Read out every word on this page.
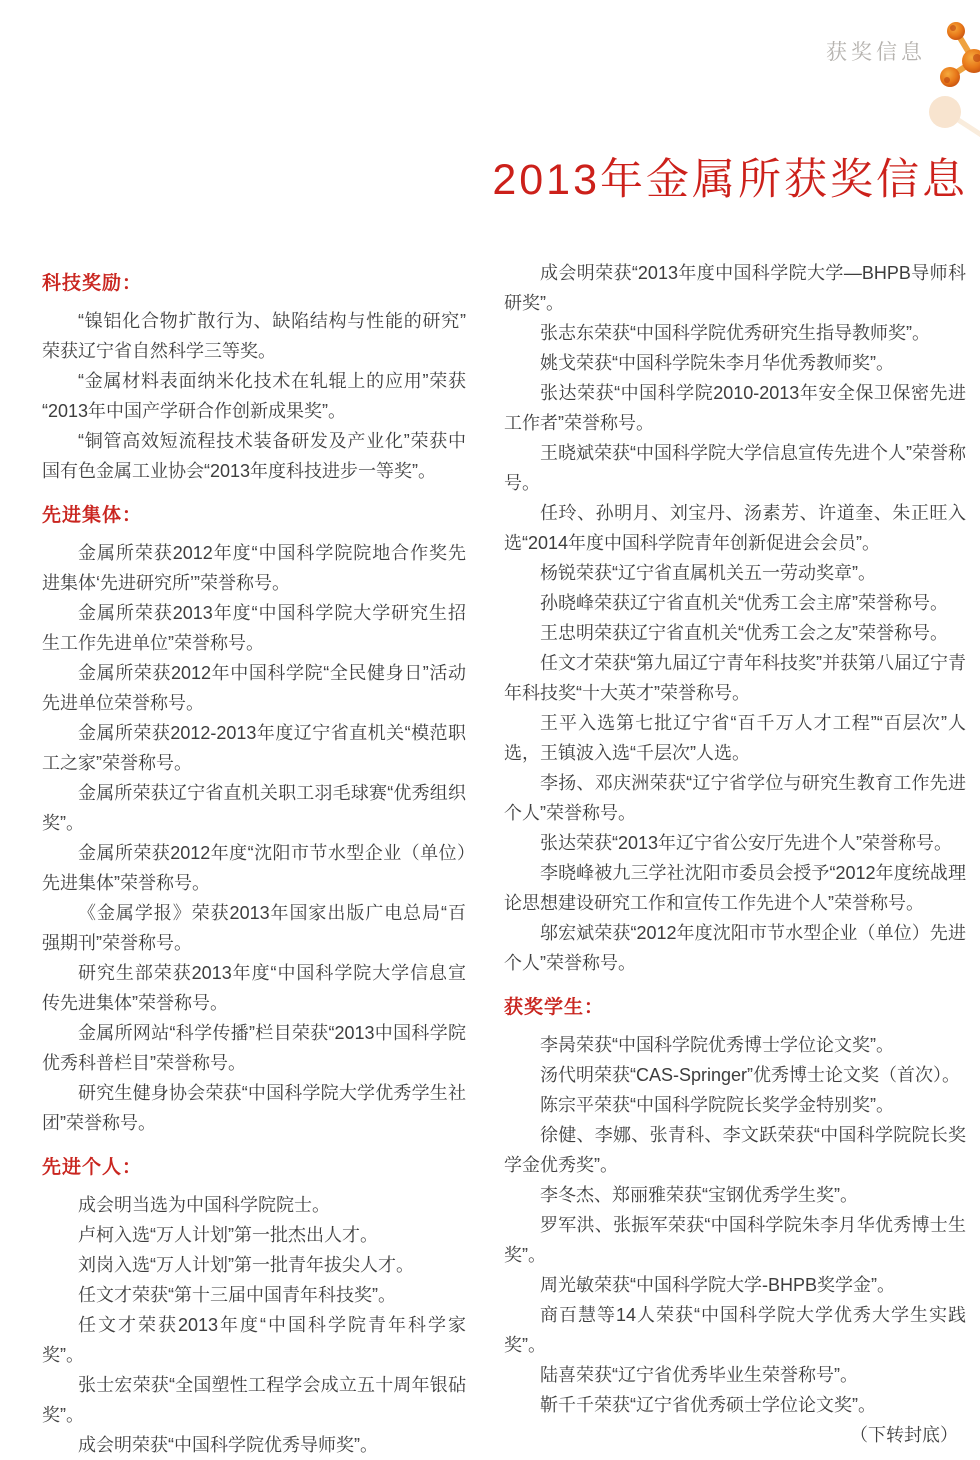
获奖信息
2013年金属所获奖信息
科技奖励：

“镍铝化合物扩散行为、缺陷结构与性能的研究”荣获辽宁省自然科学三等奖。

“金属材料表面纳米化技术在轧辊上的应用”荣获“2013年中国产学研合作创新成果奖”。

“铜管高效短流程技术装备研发及产业化”荣获中国有色金属工业协会“2013年度科技进步一等奖”。

先进集体：

金属所荣获2012年度“中国科学院院地合作奖先进集体‘先进研究所’”荣誉称号。

金属所荣获2013年度“中国科学院大学研究生招生工作先进单位”荣誉称号。

金属所荣获2012年中国科学院“全民健身日”活动先进单位荣誉称号。

金属所荣获2012-2013年度辽宁省直机关“模范职工之家”荣誉称号。

金属所荣获辽宁省直机关职工羽毛球赛“优秀组织奖”。

金属所荣获2012年度“沈阳市节水型企业（单位）先进集体”荣誉称号。

《金属学报》荣获2013年国家出版广电总局“百强期刊”荣誉称号。

研究生部荣获2013年度“中国科学院大学信息宣传先进集体”荣誉称号。

金属所网站“科学传播”栏目荣获“2013中国科学院优秀科普栏目”荣誉称号。

研究生健身协会荣获“中国科学院大学优秀学生社团”荣誉称号。

先进个人：

成会明当选为中国科学院院士。

卢柯入选“万人计划”第一批杰出人才。

刘岗入选“万人计划”第一批青年拔尖人才。

任文才荣获“第十三届中国青年科技奖”。

任文才荣获2013年度“中国科学院青年科学家奖”。

张士宏荣获“全国塑性工程学会成立五十周年银砧奖”。

成会明荣获“中国科学院优秀导师奖”。

成会明荣获“2013年度中国科学院大学—BHPB导师科研奖”。

张志东荣获“中国科学院优秀研究生指导教师奖”。

姚戈荣获“中国科学院朱李月华优秀教师奖”。

张达荣获“中国科学院2010-2013年安全保卫保密先进工作者”荣誉称号。

王晓斌荣获“中国科学院大学信息宣传先进个人”荣誉称号。

任玲、孙明月、刘宝丹、汤素芳、许道奎、朱正旺入选“2014年度中国科学院青年创新促进会会员”。

杨锐荣获“辽宁省直属机关五一劳动奖章”。

孙晓峰荣获辽宁省直机关“优秀工会主席”荣誉称号。

王忠明荣获辽宁省直机关“优秀工会之友”荣誉称号。

任文才荣获“第九届辽宁青年科技奖”并获第八届辽宁青年科技奖“十大英才”荣誉称号。

王平入选第七批辽宁省“百千万人才工程”“百层次”人选，王镇波入选“千层次”人选。

李扬、邓庆洲荣获“辽宁省学位与研究生教育工作先进个人”荣誉称号。

张达荣获“2013年辽宁省公安厅先进个人”荣誉称号。

李晓峰被九三学社沈阳市委员会授予“2012年度统战理论思想建设研究工作和宣传工作先进个人”荣誉称号。

邬宏斌荣获“2012年度沈阳市节水型企业（单位）先进个人”荣誉称号。

获奖学生：

李昺荣获“中国科学院优秀博士学位论文奖”。

汤代明荣获“CAS-Springer”优秀博士论文奖（首次）。

陈宗平荣获“中国科学院院长奖学金特别奖”。

徐健、李娜、张青科、李文跃荣获“中国科学院院长奖学金优秀奖”。

李冬杰、郑丽雅荣获“宝钢优秀学生奖”。

罗军洪、张振军荣获“中国科学院朱李月华优秀博士生奖”。

周光敏荣获“中国科学院大学-BHPB奖学金”。

商百慧等14人荣获“中国科学院大学优秀大学生实践奖”。

陆喜荣获“辽宁省优秀毕业生荣誉称号”。

靳千千荣获“辽宁省优秀硕士学位论文奖”。

（下转封底）
